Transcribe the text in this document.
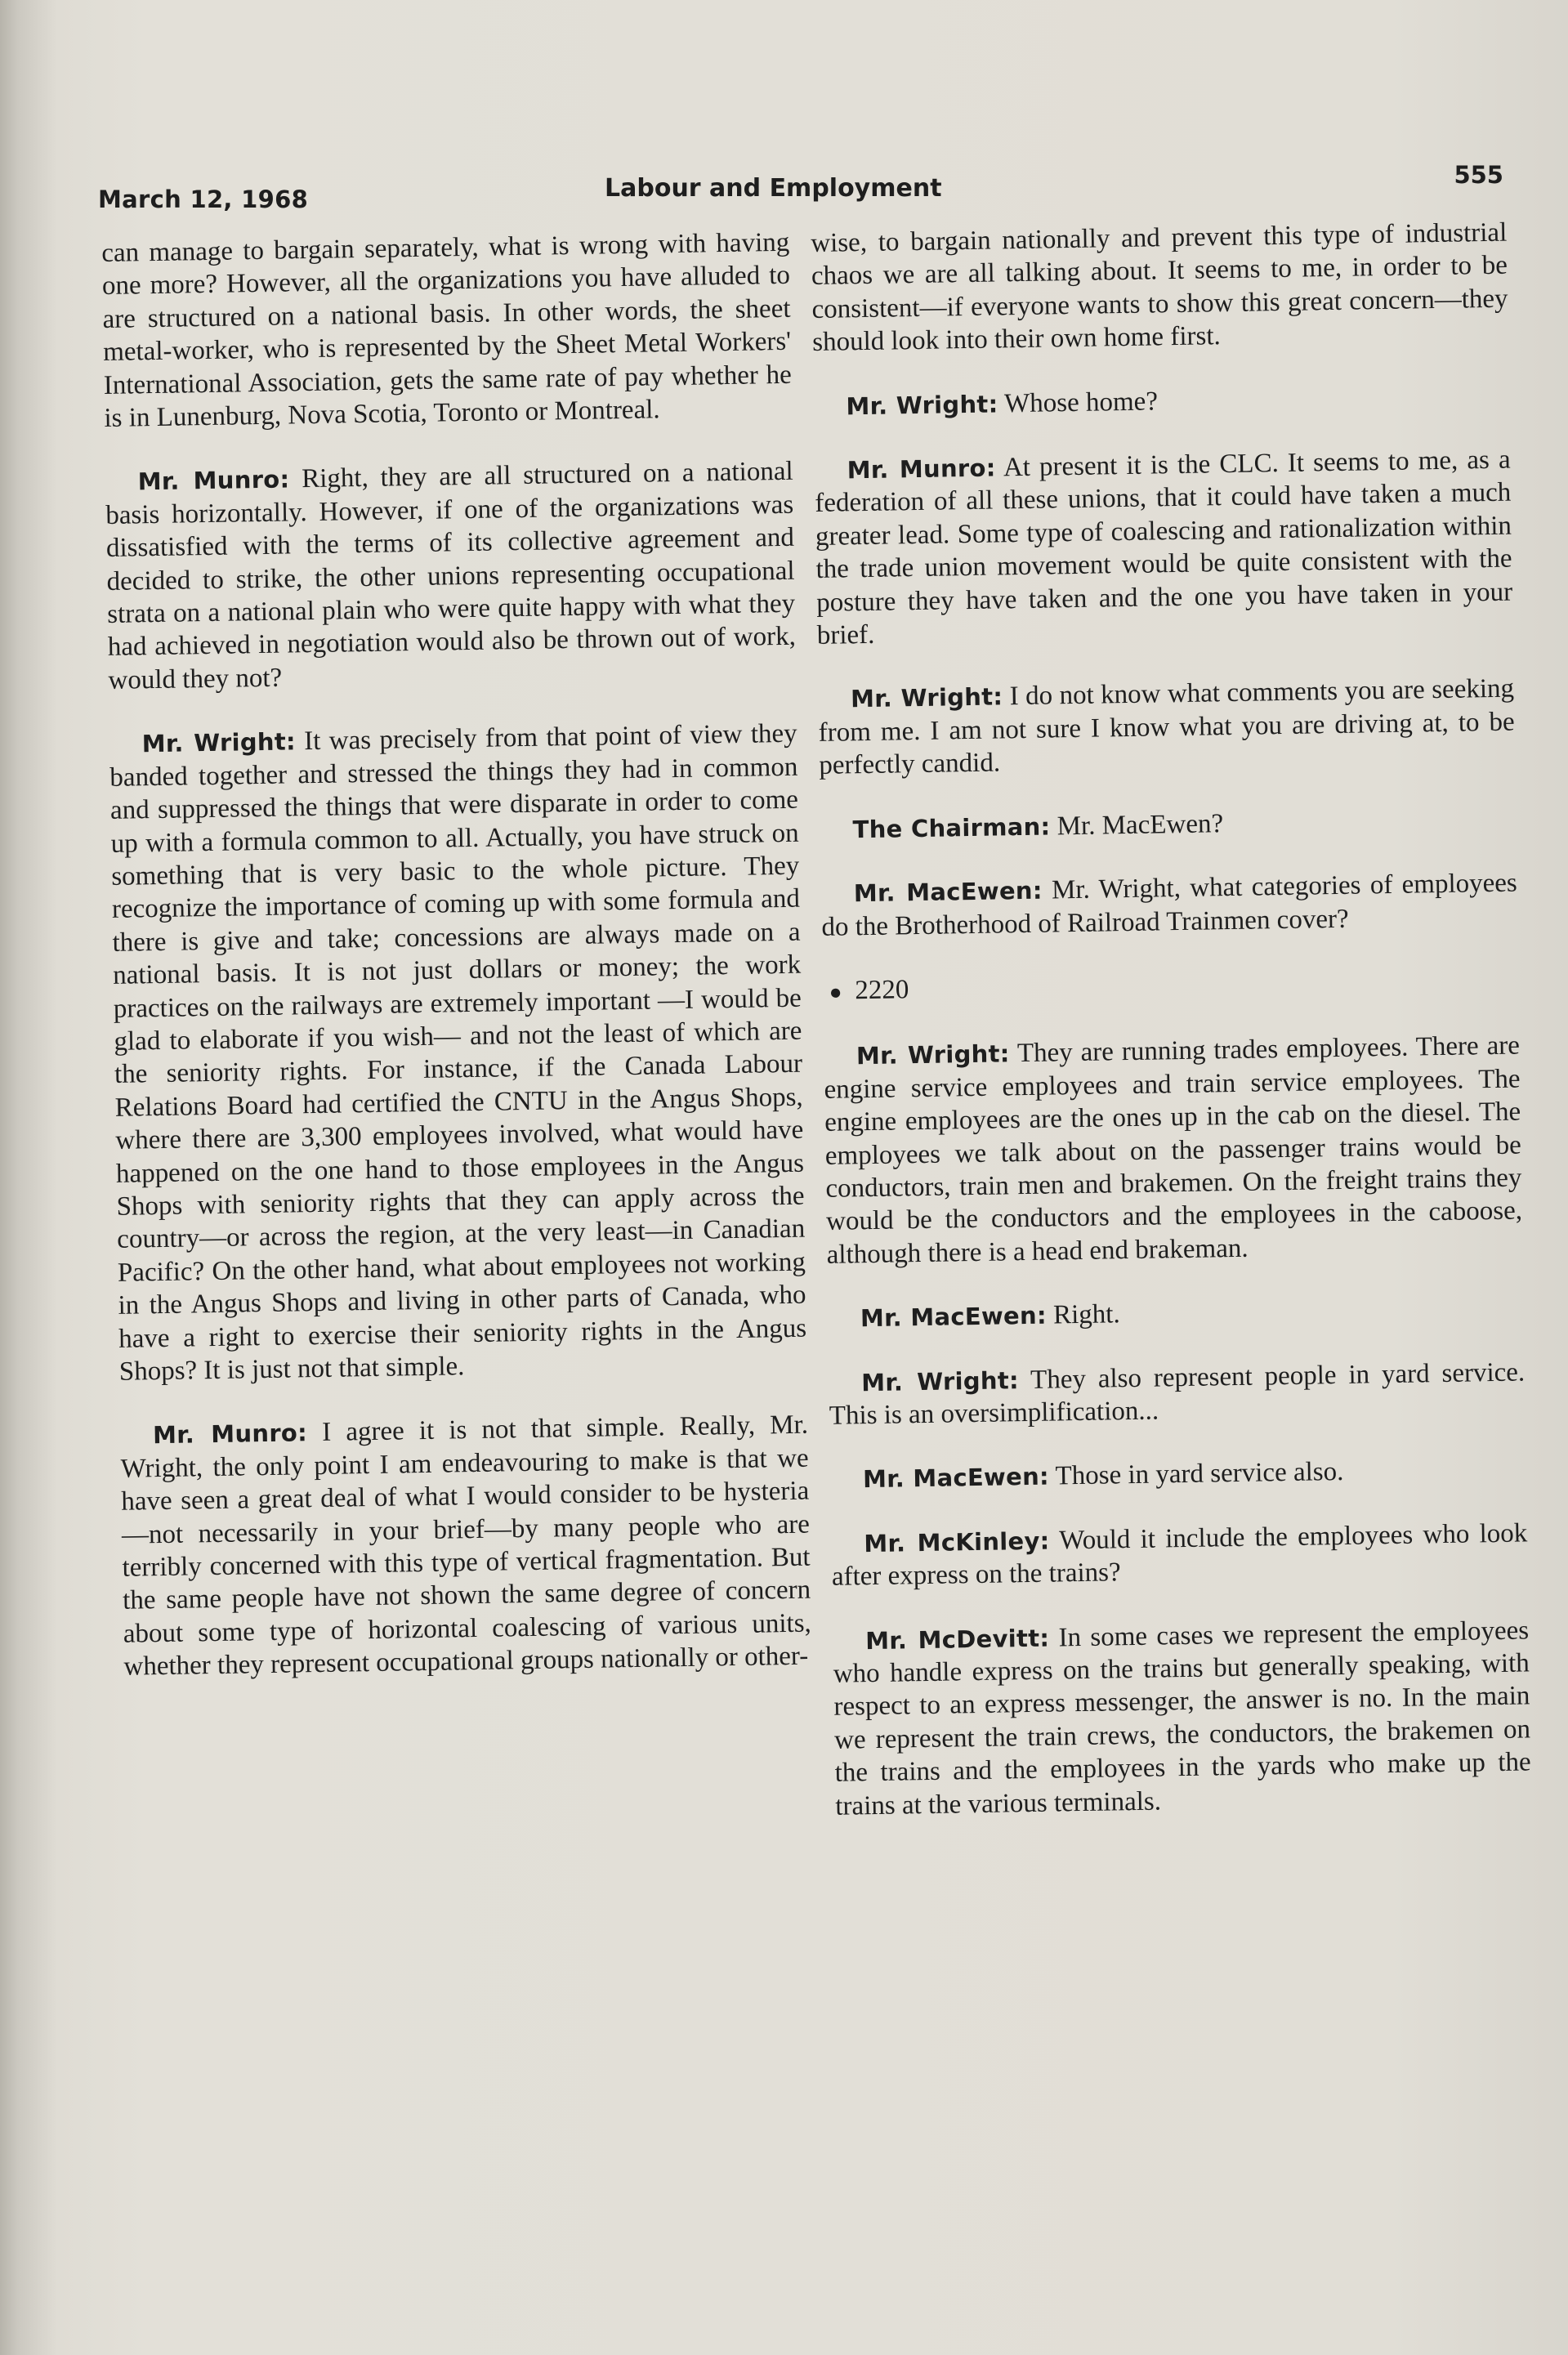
March 12, 1968	Labour and Employment	555

can manage to bargain separately, what is wrong with having one more? However, all the organizations you have alluded to are structured on a national basis. In other words, the sheet metal-worker, who is represented by the Sheet Metal Workers' International Association, gets the same rate of pay whether he is in Lunenburg, Nova Scotia, Toronto or Montreal.

Mr. Munro: Right, they are all structured on a national basis horizontally. However, if one of the organizations was dissatisfied with the terms of its collective agreement and decided to strike, the other unions representing occupational strata on a national plain who were quite happy with what they had achieved in negotiation would also be thrown out of work, would they not?

Mr. Wright: It was precisely from that point of view they banded together and stressed the things they had in common and suppressed the things that were disparate in order to come up with a formula common to all. Actually, you have struck on something that is very basic to the whole picture. They recognize the importance of coming up with some formula and there is give and take; concessions are always made on a national basis. It is not just dollars or money; the work practices on the railways are extremely important —I would be glad to elaborate if you wish— and not the least of which are the seniority rights. For instance, if the Canada Labour Relations Board had certified the CNTU in the Angus Shops, where there are 3,300 employees involved, what would have happened on the one hand to those employees in the Angus Shops with seniority rights that they can apply across the country—or across the region, at the very least—in Canadian Pacific? On the other hand, what about employees not working in the Angus Shops and living in other parts of Canada, who have a right to exercise their seniority rights in the Angus Shops? It is just not that simple.

Mr. Munro: I agree it is not that simple. Really, Mr. Wright, the only point I am endeavouring to make is that we have seen a great deal of what I would consider to be hysteria—not necessarily in your brief—by many people who are terribly concerned with this type of vertical fragmentation. But the same people have not shown the same degree of concern about some type of horizontal coalescing of various units, whether they represent occupational groups nationally or other-

wise, to bargain nationally and prevent this type of industrial chaos we are all talking about. It seems to me, in order to be consistent—if everyone wants to show this great concern—they should look into their own home first.

Mr. Wright: Whose home?

Mr. Munro: At present it is the CLC. It seems to me, as a federation of all these unions, that it could have taken a much greater lead. Some type of coalescing and rationalization within the trade union movement would be quite consistent with the posture they have taken and the one you have taken in your brief.

Mr. Wright: I do not know what comments you are seeking from me. I am not sure I know what you are driving at, to be perfectly candid.

The Chairman: Mr. MacEwen?

Mr. MacEwen: Mr. Wright, what categories of employees do the Brotherhood of Railroad Trainmen cover?

● 2220

Mr. Wright: They are running trades employees. There are engine service employees and train service employees. The engine employees are the ones up in the cab on the diesel. The employees we talk about on the passenger trains would be conductors, train men and brakemen. On the freight trains they would be the conductors and the employees in the caboose, although there is a head end brakeman.

Mr. MacEwen: Right.

Mr. Wright: They also represent people in yard service. This is an oversimplification...

Mr. MacEwen: Those in yard service also.

Mr. McKinley: Would it include the employees who look after express on the trains?

Mr. McDevitt: In some cases we represent the employees who handle express on the trains but generally speaking, with respect to an express messenger, the answer is no. In the main we represent the train crews, the conductors, the brakemen on the trains and the employees in the yards who make up the trains at the various terminals.
